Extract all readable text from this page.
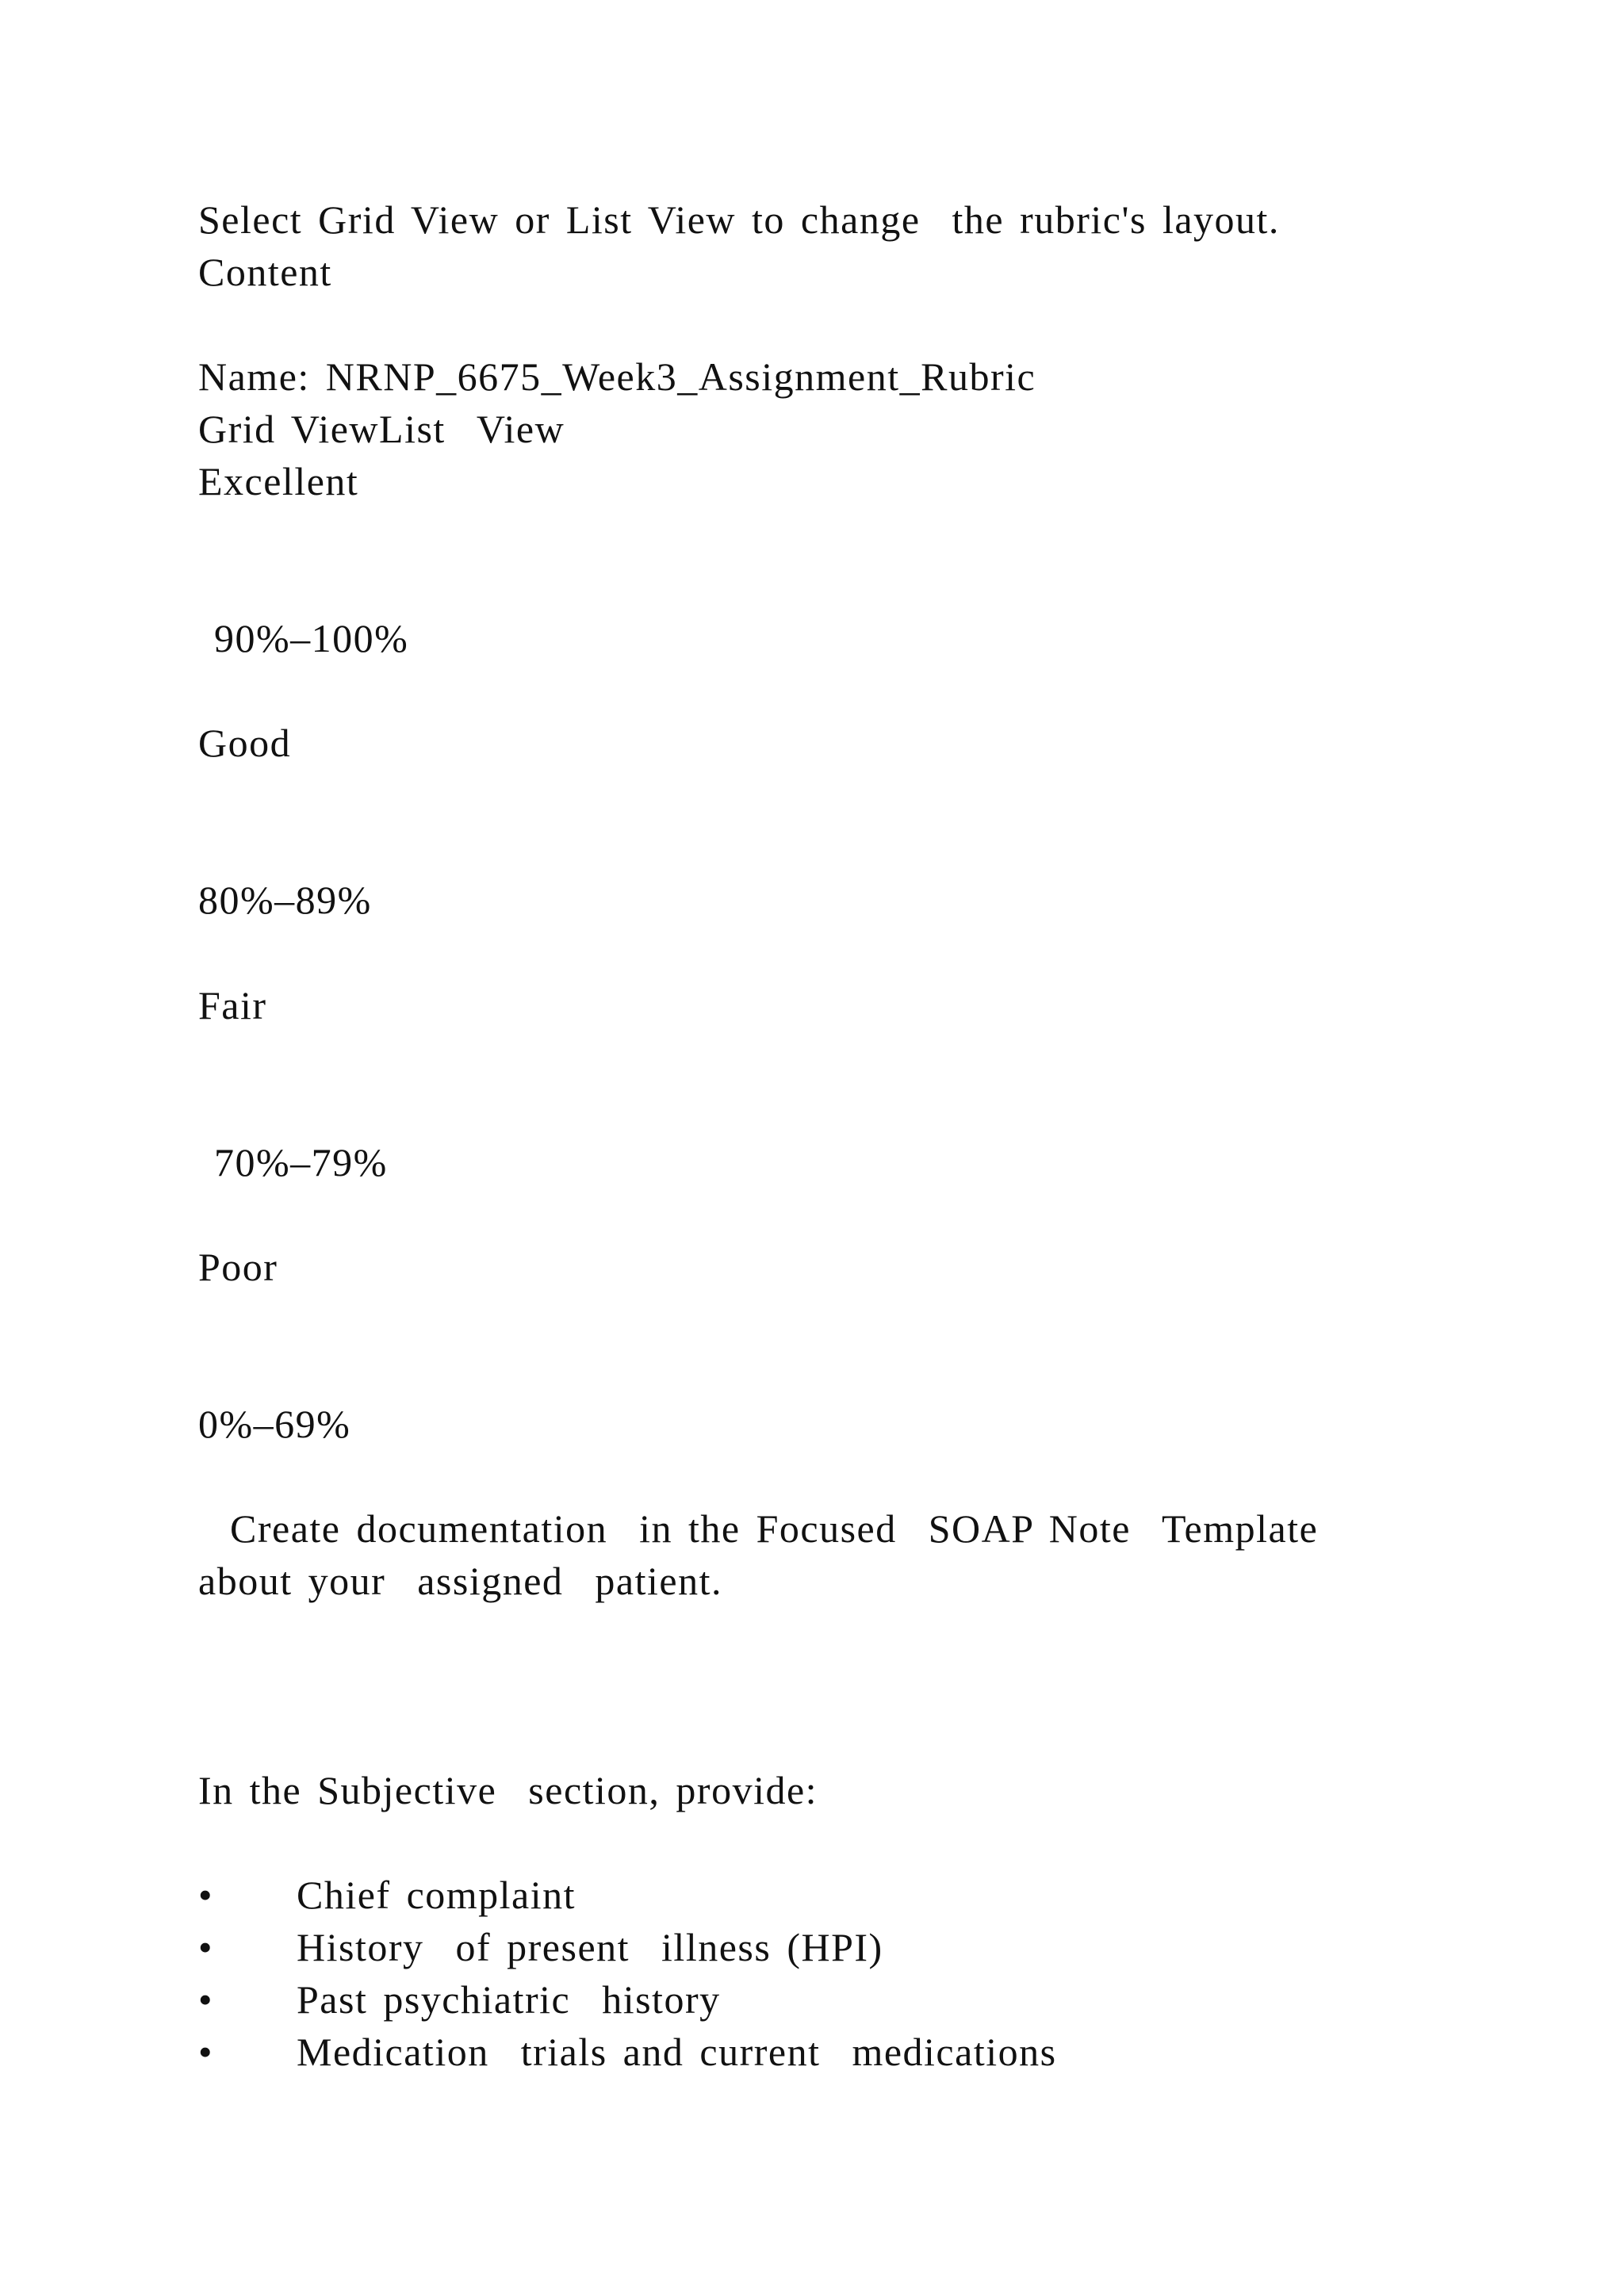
Select Grid View or List View to change  the rubric's layout.

Content

Name: NRNP_6675_Week3_Assignment_Rubric

Grid ViewList  View

Excellent

90%–100%

Good

80%–89%

Fair

70%–79%

Poor

0%–69%

Create documentation  in the Focused  SOAP Note  Template

about your  assigned  patient.

In the Subjective  section, provide:

•

Chief complaint

•

History  of present  illness (HPI)

•

Past psychiatric  history

•

Medication  trials and current  medications
